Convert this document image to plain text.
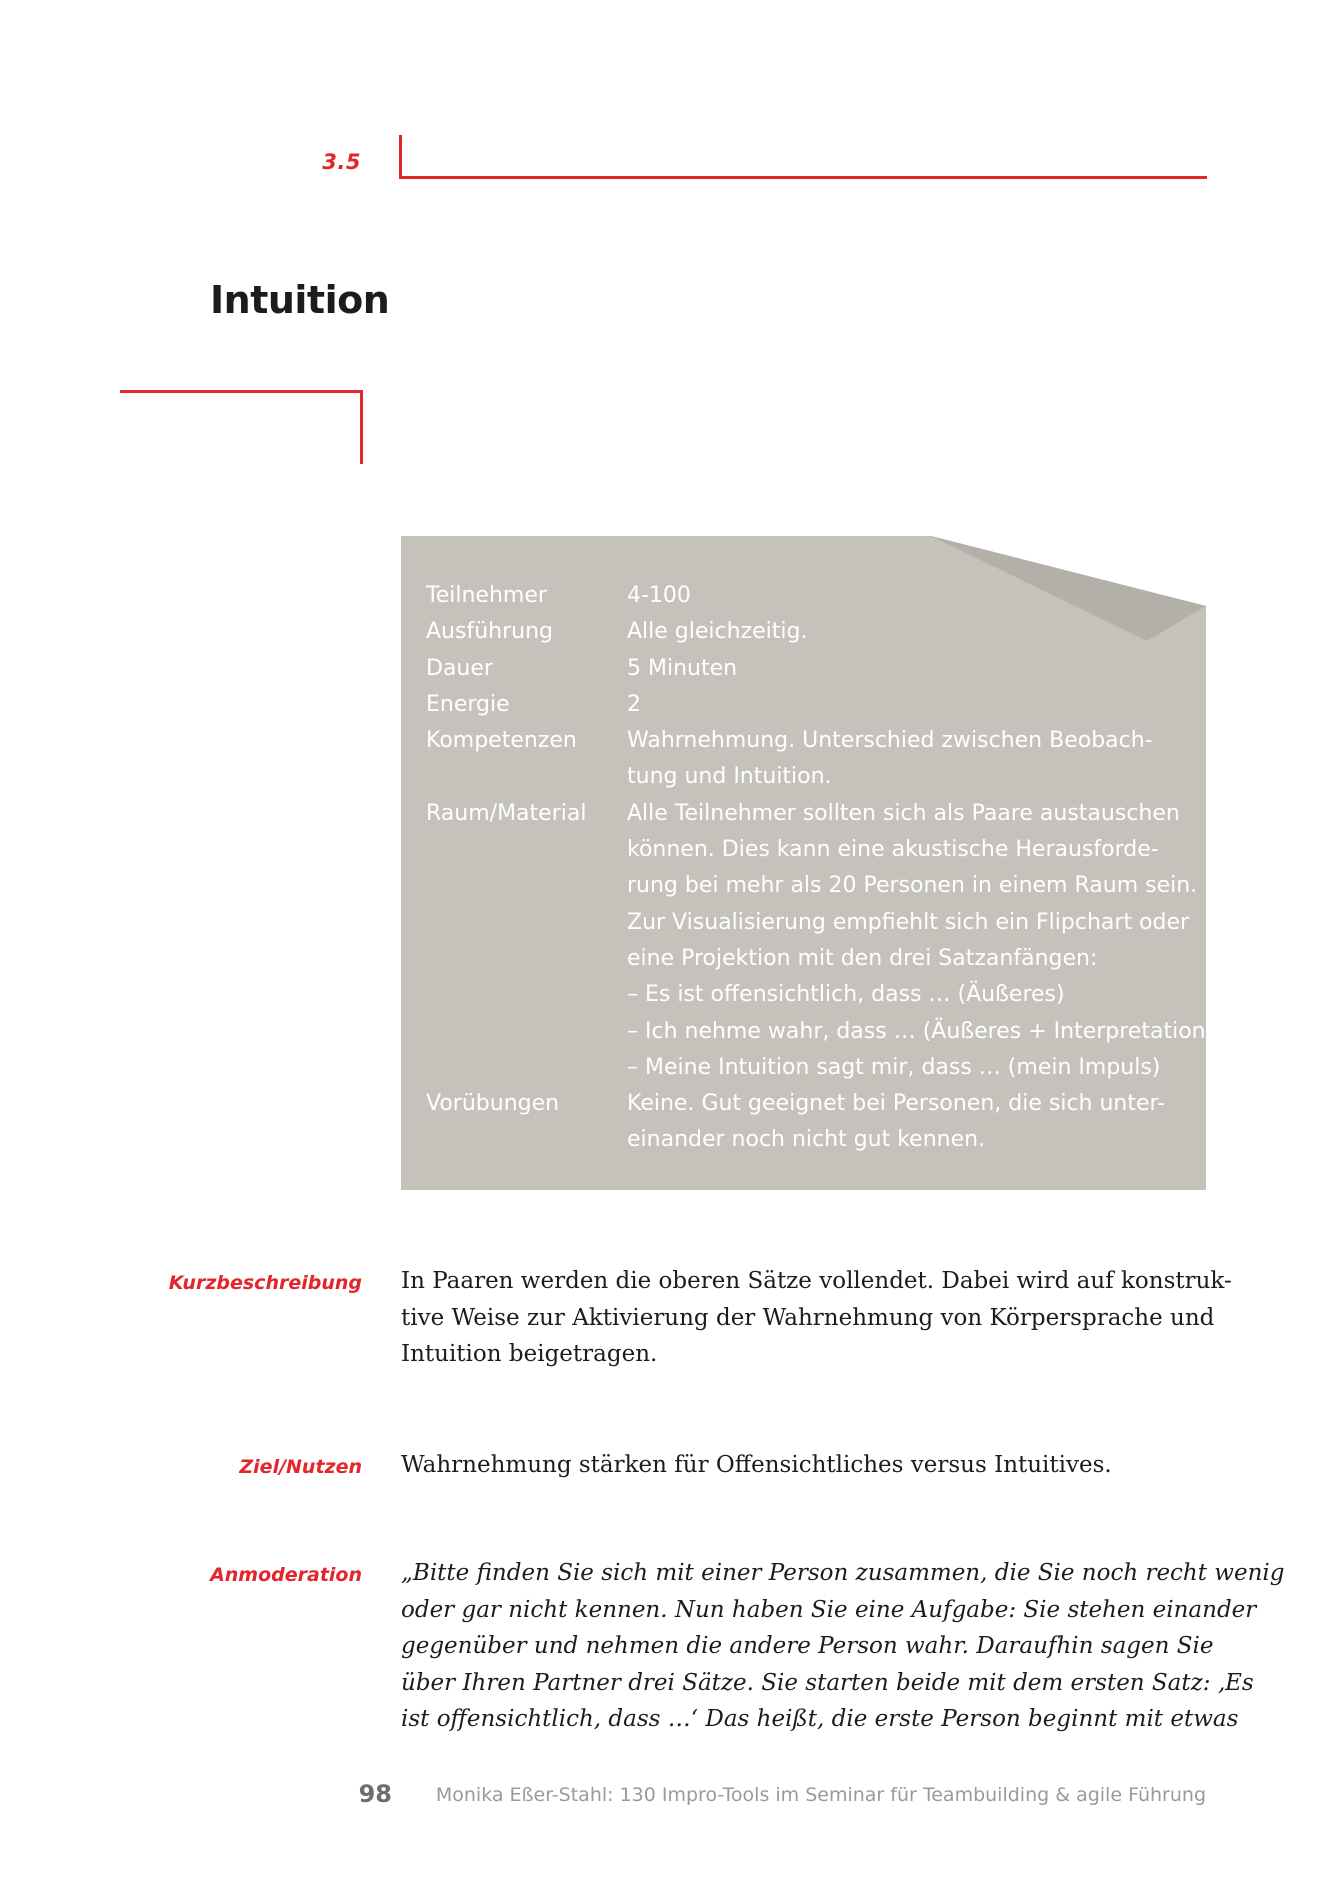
3.5
Intuition
Teilnehmer	4-100
Ausführung	Alle gleichzeitig.
Dauer	5 Minuten
Energie	2
Kompetenzen	Wahrnehmung. Unterschied zwischen Beobach-
tung und Intuition.
Raum/Material	Alle Teilnehmer sollten sich als Paare austauschen
können. Dies kann eine akustische Herausforde-
rung bei mehr als 20 Personen in einem Raum sein.
Zur Visualisierung empfiehlt sich ein Flipchart oder
eine Projektion mit den drei Satzanfängen:
– Es ist offensichtlich, dass … (Äußeres)
– Ich nehme wahr, dass … (Äußeres + Interpretation)
– Meine Intuition sagt mir, dass … (mein Impuls)
Vorübungen	Keine. Gut geeignet bei Personen, die sich unter-
einander noch nicht gut kennen.
Kurzbeschreibung In Paaren werden die oberen Sätze vollendet. Dabei wird auf konstruk-
tive Weise zur Aktivierung der Wahrnehmung von Körpersprache und
Intuition beigetragen.
Ziel/Nutzen Wahrnehmung stärken für Offensichtliches versus Intuitives.
Anmoderation „Bitte finden Sie sich mit einer Person zusammen, die Sie noch recht wenig
oder gar nicht kennen. Nun haben Sie eine Aufgabe: Sie stehen einander
gegenüber und nehmen die andere Person wahr. Daraufhin sagen Sie
über Ihren Partner drei Sätze. Sie starten beide mit dem ersten Satz: ‚Es
ist offensichtlich, dass …‘ Das heißt, die erste Person beginnt mit etwas
98 Monika Eßer-Stahl: 130 Impro-Tools im Seminar für Teambuilding & agile Führung
